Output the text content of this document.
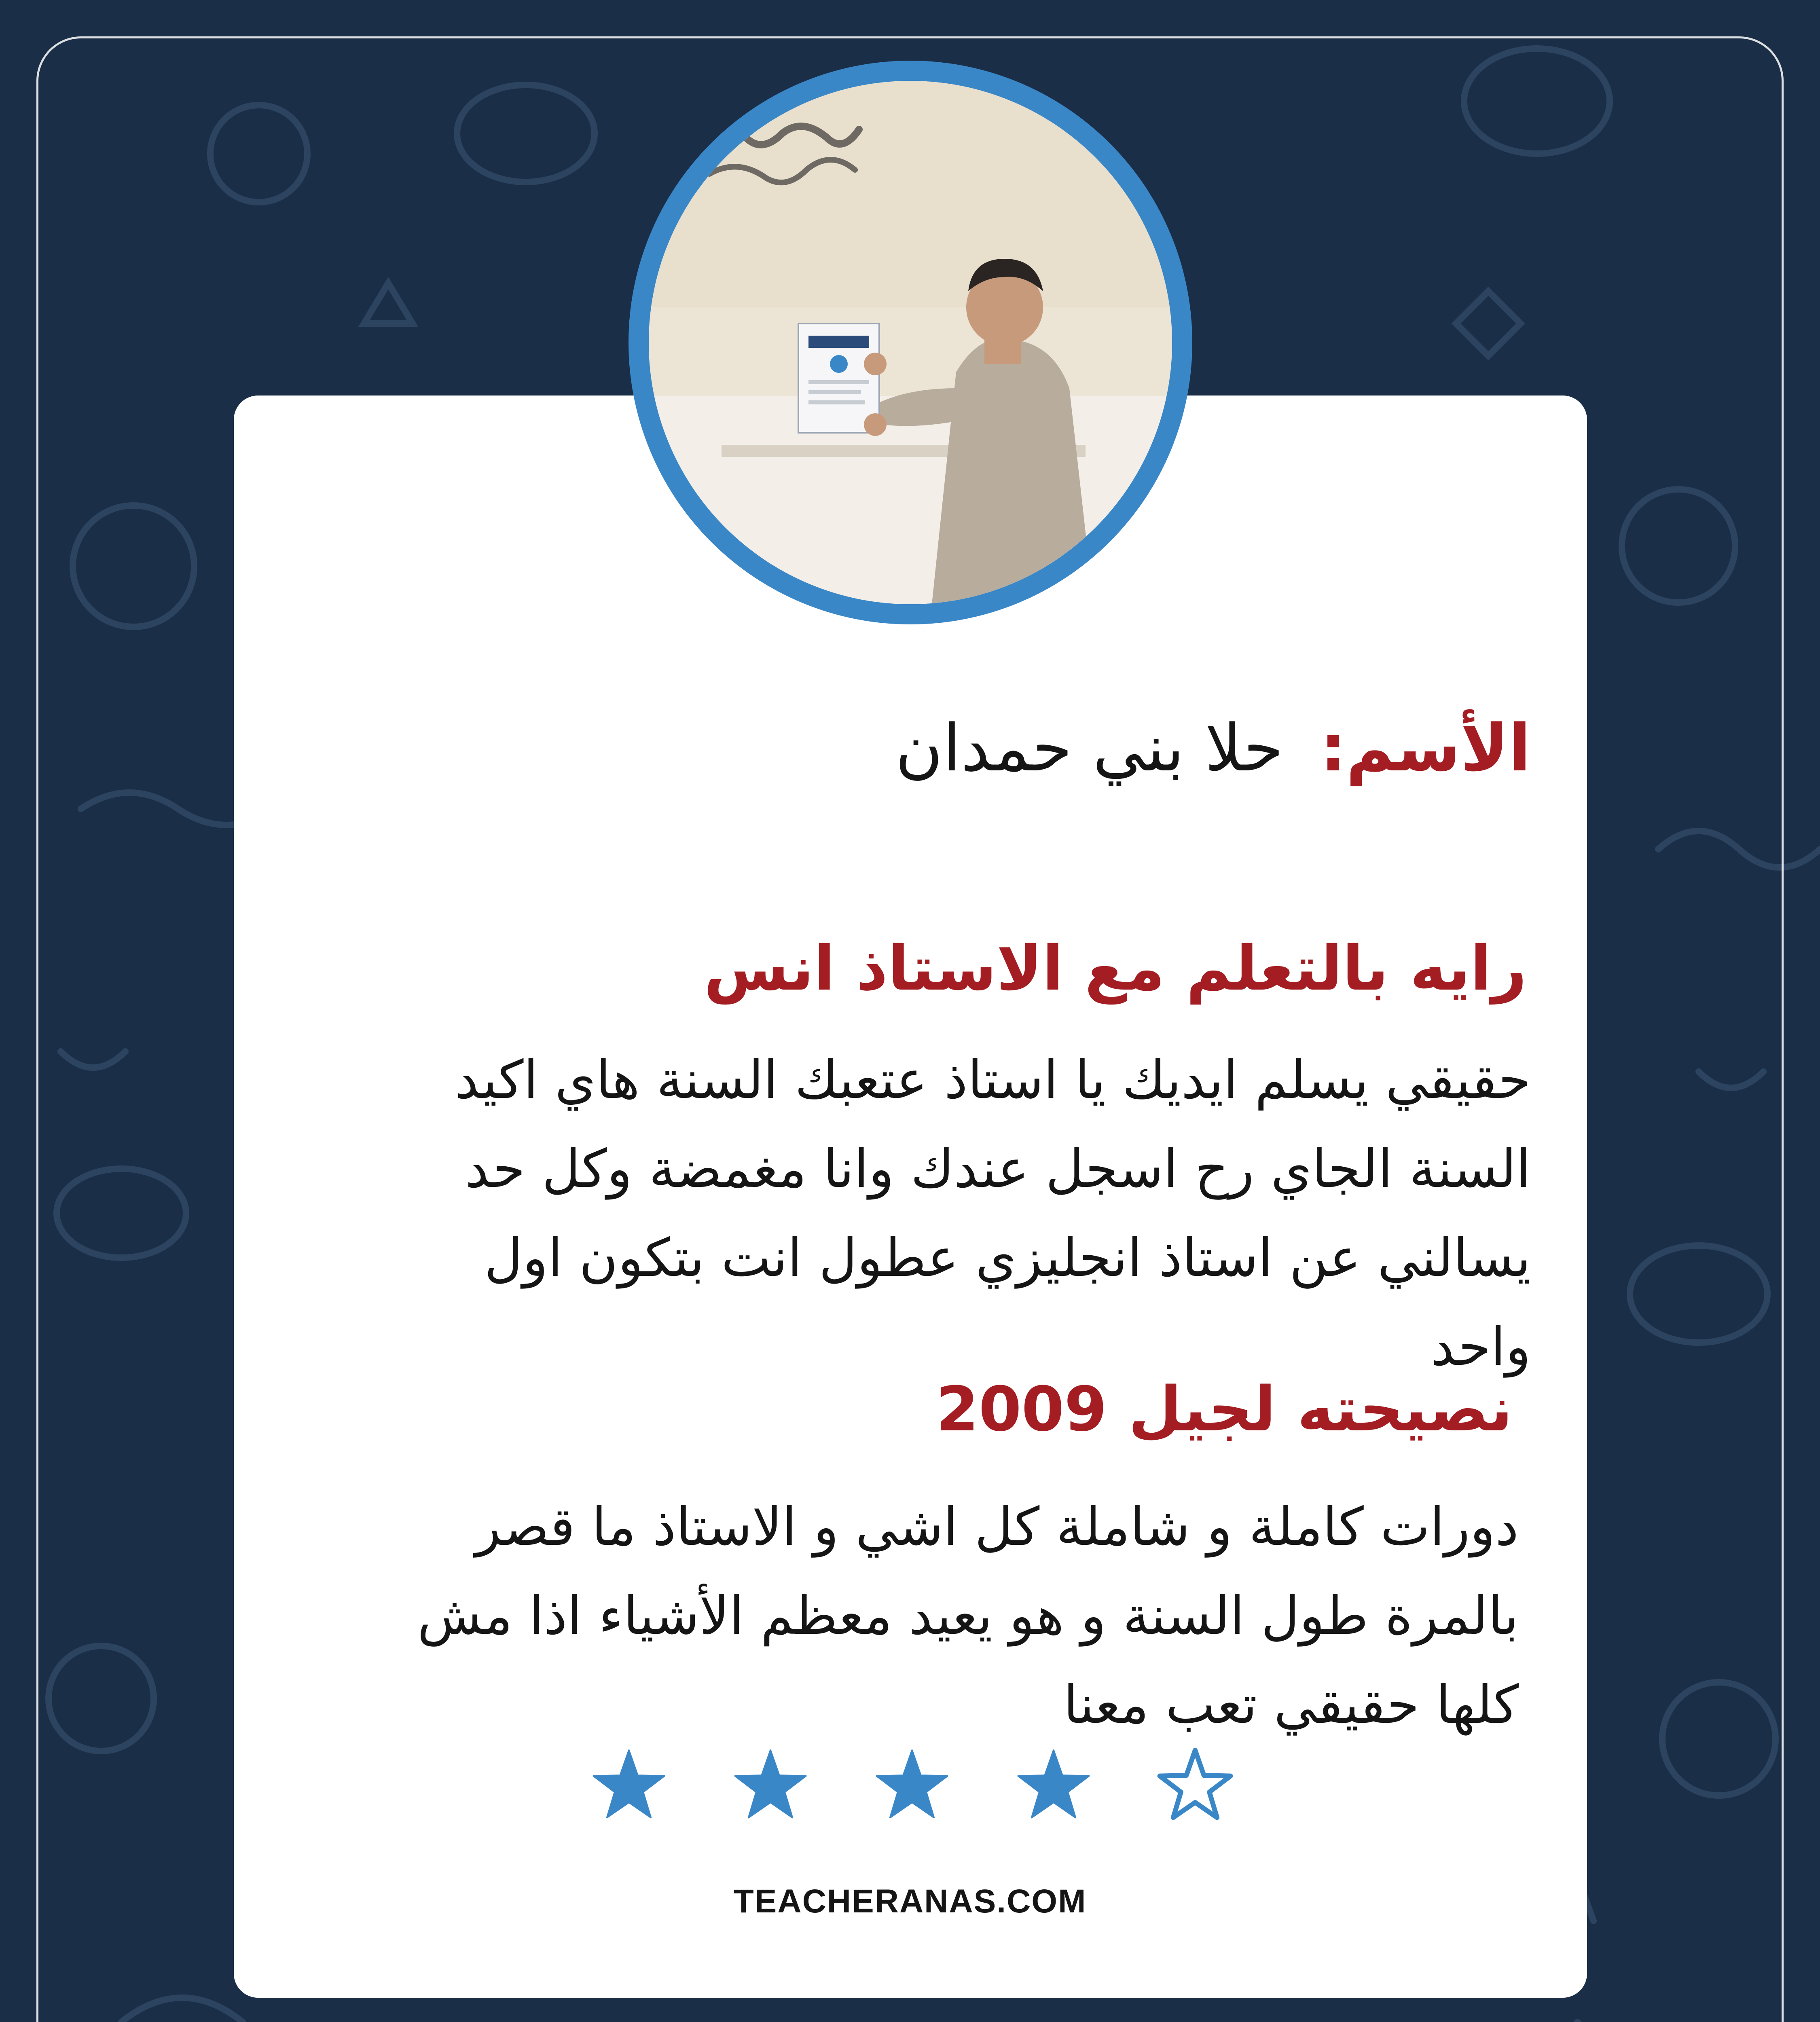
الأسم: حلا بني حمدان
رايه بالتعلم مع الاستاذ انس
حقيقي يسلم ايديك يا استاذ عتعبك السنة هاي اكيد السنة الجاي رح اسجل عندك وانا مغمضة وكل حد يسالني عن استاذ انجليزي عطول انت بتكون اول واحد
نصيحته لجيل 2009
دورات كاملة و شاملة كل اشي و الاستاذ ما قصر بالمرة طول السنة و هو يعيد معظم الأشياء اذا مش كلها حقيقي تعب معنا
TEACHERANAS.COM
